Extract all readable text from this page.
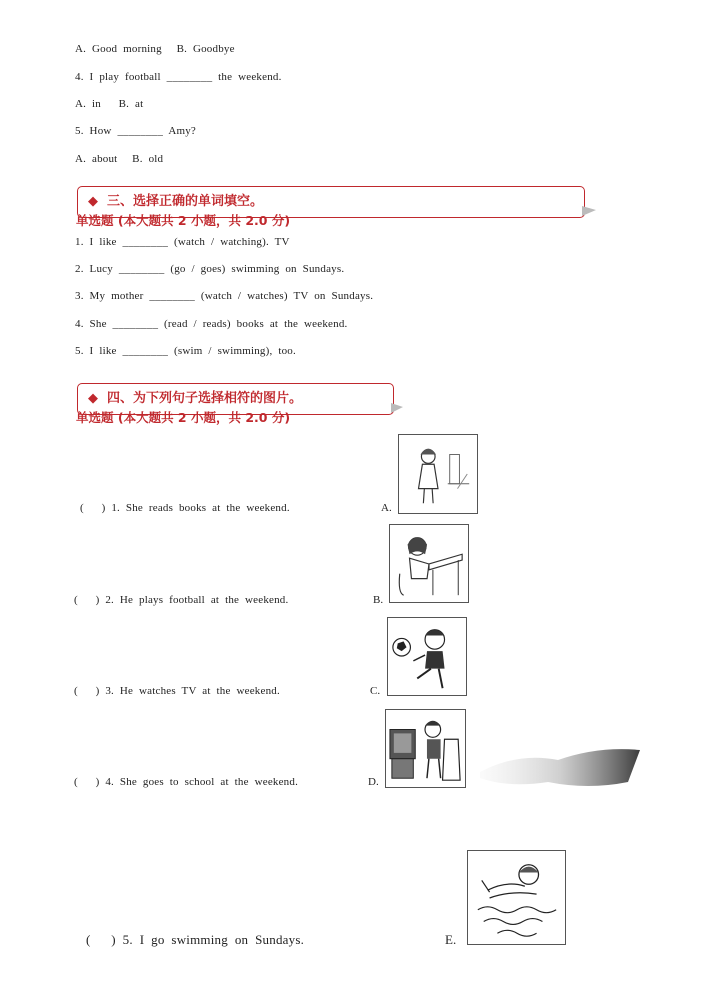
A.  Good  morning     B.  Goodbye
4.  I  play  football  ________  the  weekend.
A.  in      B.  at
5.  How  ________  Amy?
A.  about     B.  old
◆  三、选择正确的单词填空。
单选题 (本大题共 2 小题，共 2.0 分)
1.  I  like  ________  (watch  /  watching).  TV
2.  Lucy  ________  (go  /  goes)  swimming  on  Sundays.
3.  My  mother  ________  (watch  /  watches)  TV  on  Sundays.
4.  She  ________  (read  /  reads)  books  at  the  weekend.
5.  I  like  ________  (swim  /  swimming),  too.
◆  四、为下列句子选择相符的图片。
单选题 (本大题共 2 小题，共 2.0 分)
(      )  1.  She  reads  books  at  the  weekend.	A.
(      )  2.  He  plays  football  at  the  weekend.	B.
(      )  3.  He  watches  TV  at  the  weekend.	C.
(      )  4.  She  goes  to  school  at  the  weekend.	D.
(      )  5.  I  go  swimming  on  Sundays.	E.
